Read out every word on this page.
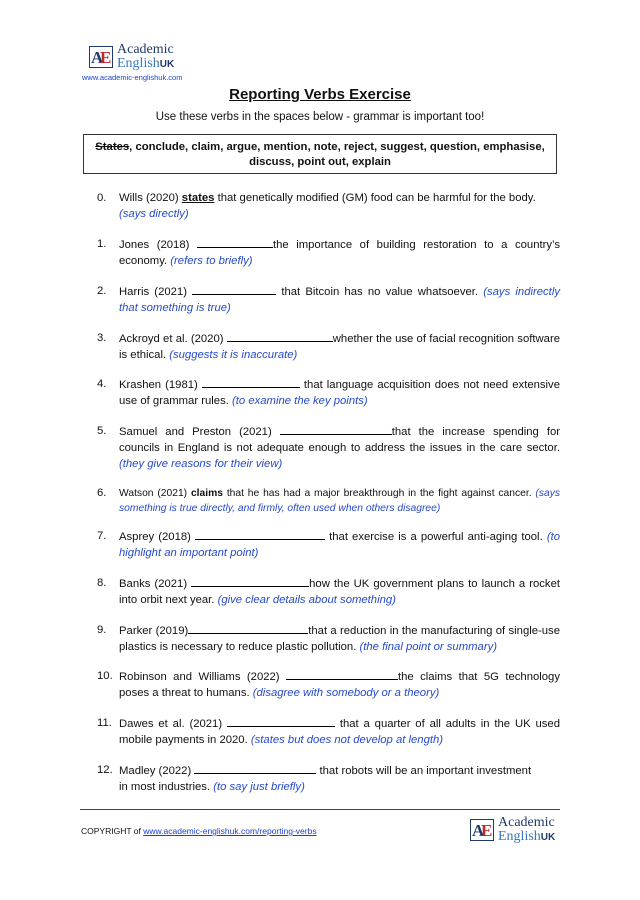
A
E Academic
EnglishUK
www.academic-englishuk.com
Reporting Verbs Exercise
Use these verbs in the spaces below - grammar is important too!
States, conclude, claim, argue, mention, note, reject, suggest, question, emphasise, discuss, point out, explain
0. Wills (2020) states that genetically modified (GM) food can be harmful for the body.
(says directly)
1. Jones (2018)	the importance of building restoration to a country’s economy. (refers to briefly)
2. Harris (2021)	that Bitcoin has no value whatsoever. (says indirectly that something is true)
3. Ackroyd et al. (2020)	whether the use of facial recognition software is ethical. (suggests it is inaccurate)
4. Krashen (1981)	that language acquisition does not need extensive use of grammar rules. (to examine the key points)
5. Samuel and Preston (2021)	that the increase spending for councils in England is not adequate enough to address the issues in the care sector. (they give reasons for their view)
6. Watson (2021) claims that he has had a major breakthrough in the fight against cancer. (says something is true directly, and firmly, often used when others disagree)
7. Asprey (2018)	that exercise is a powerful anti-aging tool. (to highlight an important point)
8. Banks (2021)	how the UK government plans to launch a rocket into orbit next year. (give clear details about something)
9. Parker (2019)	that a reduction in the manufacturing of single-use plastics is necessary to reduce plastic pollution. (the final point or summary)
10. Robinson and Williams (2022)	the claims that 5G technology poses a threat to humans. (disagree with somebody or a theory)
11. Dawes et al. (2021)	that a quarter of all adults in the UK used mobile payments in 2020. (states but does not develop at length)
12. Madley (2022)	that robots will be an important investment in most industries. (to say just briefly)
COPYRIGHT of www.academic-englishuk.com/reporting-verbs	A
E Academic
EnglishUK
